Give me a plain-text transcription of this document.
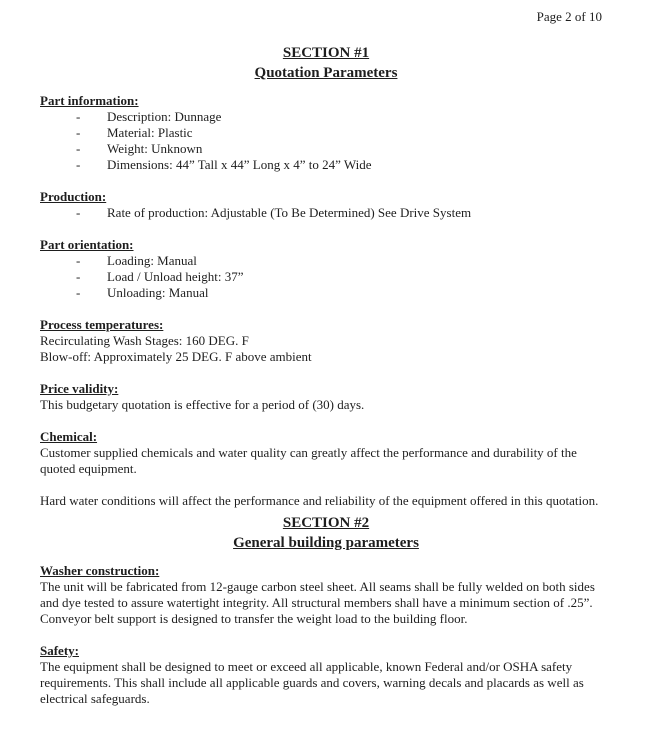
Page 2 of 10
SECTION #1
Quotation Parameters
Part information:
-	Description: Dunnage
-	Material: Plastic
-	Weight: Unknown
-	Dimensions: 44” Tall x 44” Long x 4” to 24” Wide
Production:
-	Rate of production: Adjustable (To Be Determined) See Drive System
Part orientation:
-	Loading: Manual
-	Load / Unload height: 37”
-	Unloading: Manual
Process temperatures:
Recirculating Wash Stages: 160 DEG. F
Blow-off: Approximately 25 DEG. F above ambient
Price validity:
This budgetary quotation is effective for a period of (30) days.
Chemical:

Customer supplied chemicals and water quality can greatly affect the performance and durability of the quoted equipment.

Hard water conditions will affect the performance and reliability of the equipment offered in this quotation.

SECTION #2
General building parameters
Washer construction:

The unit will be fabricated from 12-gauge carbon steel sheet. All seams shall be fully welded on both sides and dye tested to assure watertight integrity. All structural members shall have a minimum section of .25”. Conveyor belt support is designed to transfer the weight load to the building floor.

Safety:

The equipment shall be designed to meet or exceed all applicable, known Federal and/or OSHA safety requirements. This shall include all applicable guards and covers, warning decals and placards as well as electrical safeguards.
